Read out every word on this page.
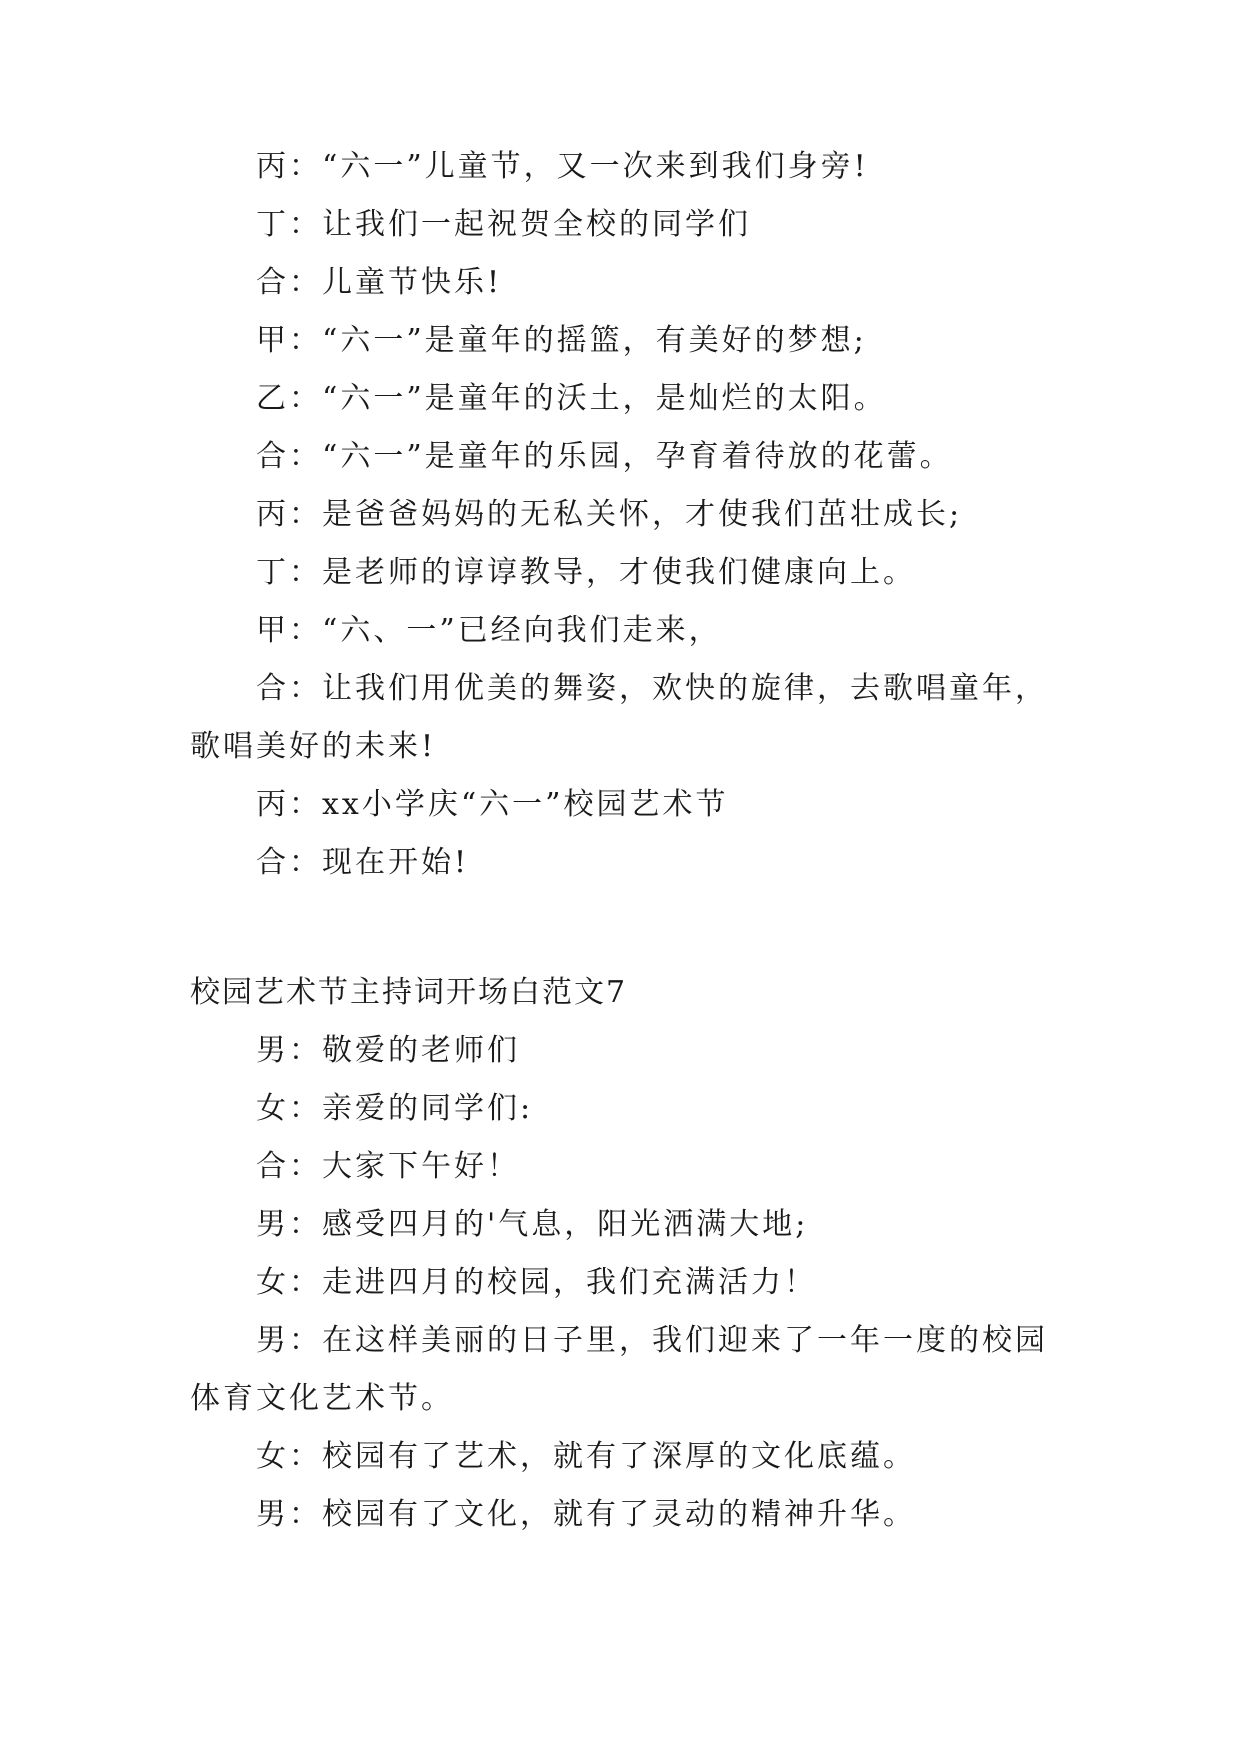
丙：“六一”儿童节，又一次来到我们身旁!
丁：让我们一起祝贺全校的同学们
合：儿童节快乐!
甲：“六一”是童年的摇篮，有美好的梦想;
乙：“六一”是童年的沃土，是灿烂的太阳。
合：“六一”是童年的乐园，孕育着待放的花蕾。
丙：是爸爸妈妈的无私关怀，才使我们茁壮成长;
丁：是老师的谆谆教导，才使我们健康向上。
甲：“六、一”已经向我们走来，
合：让我们用优美的舞姿，欢快的旋律，去歌唱童年，歌唱美好的未来!
丙：xx小学庆“六一”校园艺术节
合：现在开始!
校园艺术节主持词开场白范文7
男：敬爱的老师们
女：亲爱的同学们:
合：大家下午好！
男：感受四月的'气息，阳光洒满大地;
女：走进四月的校园，我们充满活力！
男：在这样美丽的日子里，我们迎来了一年一度的校园体育文化艺术节。
女：校园有了艺术，就有了深厚的文化底蕴。
男：校园有了文化，就有了灵动的精神升华。
